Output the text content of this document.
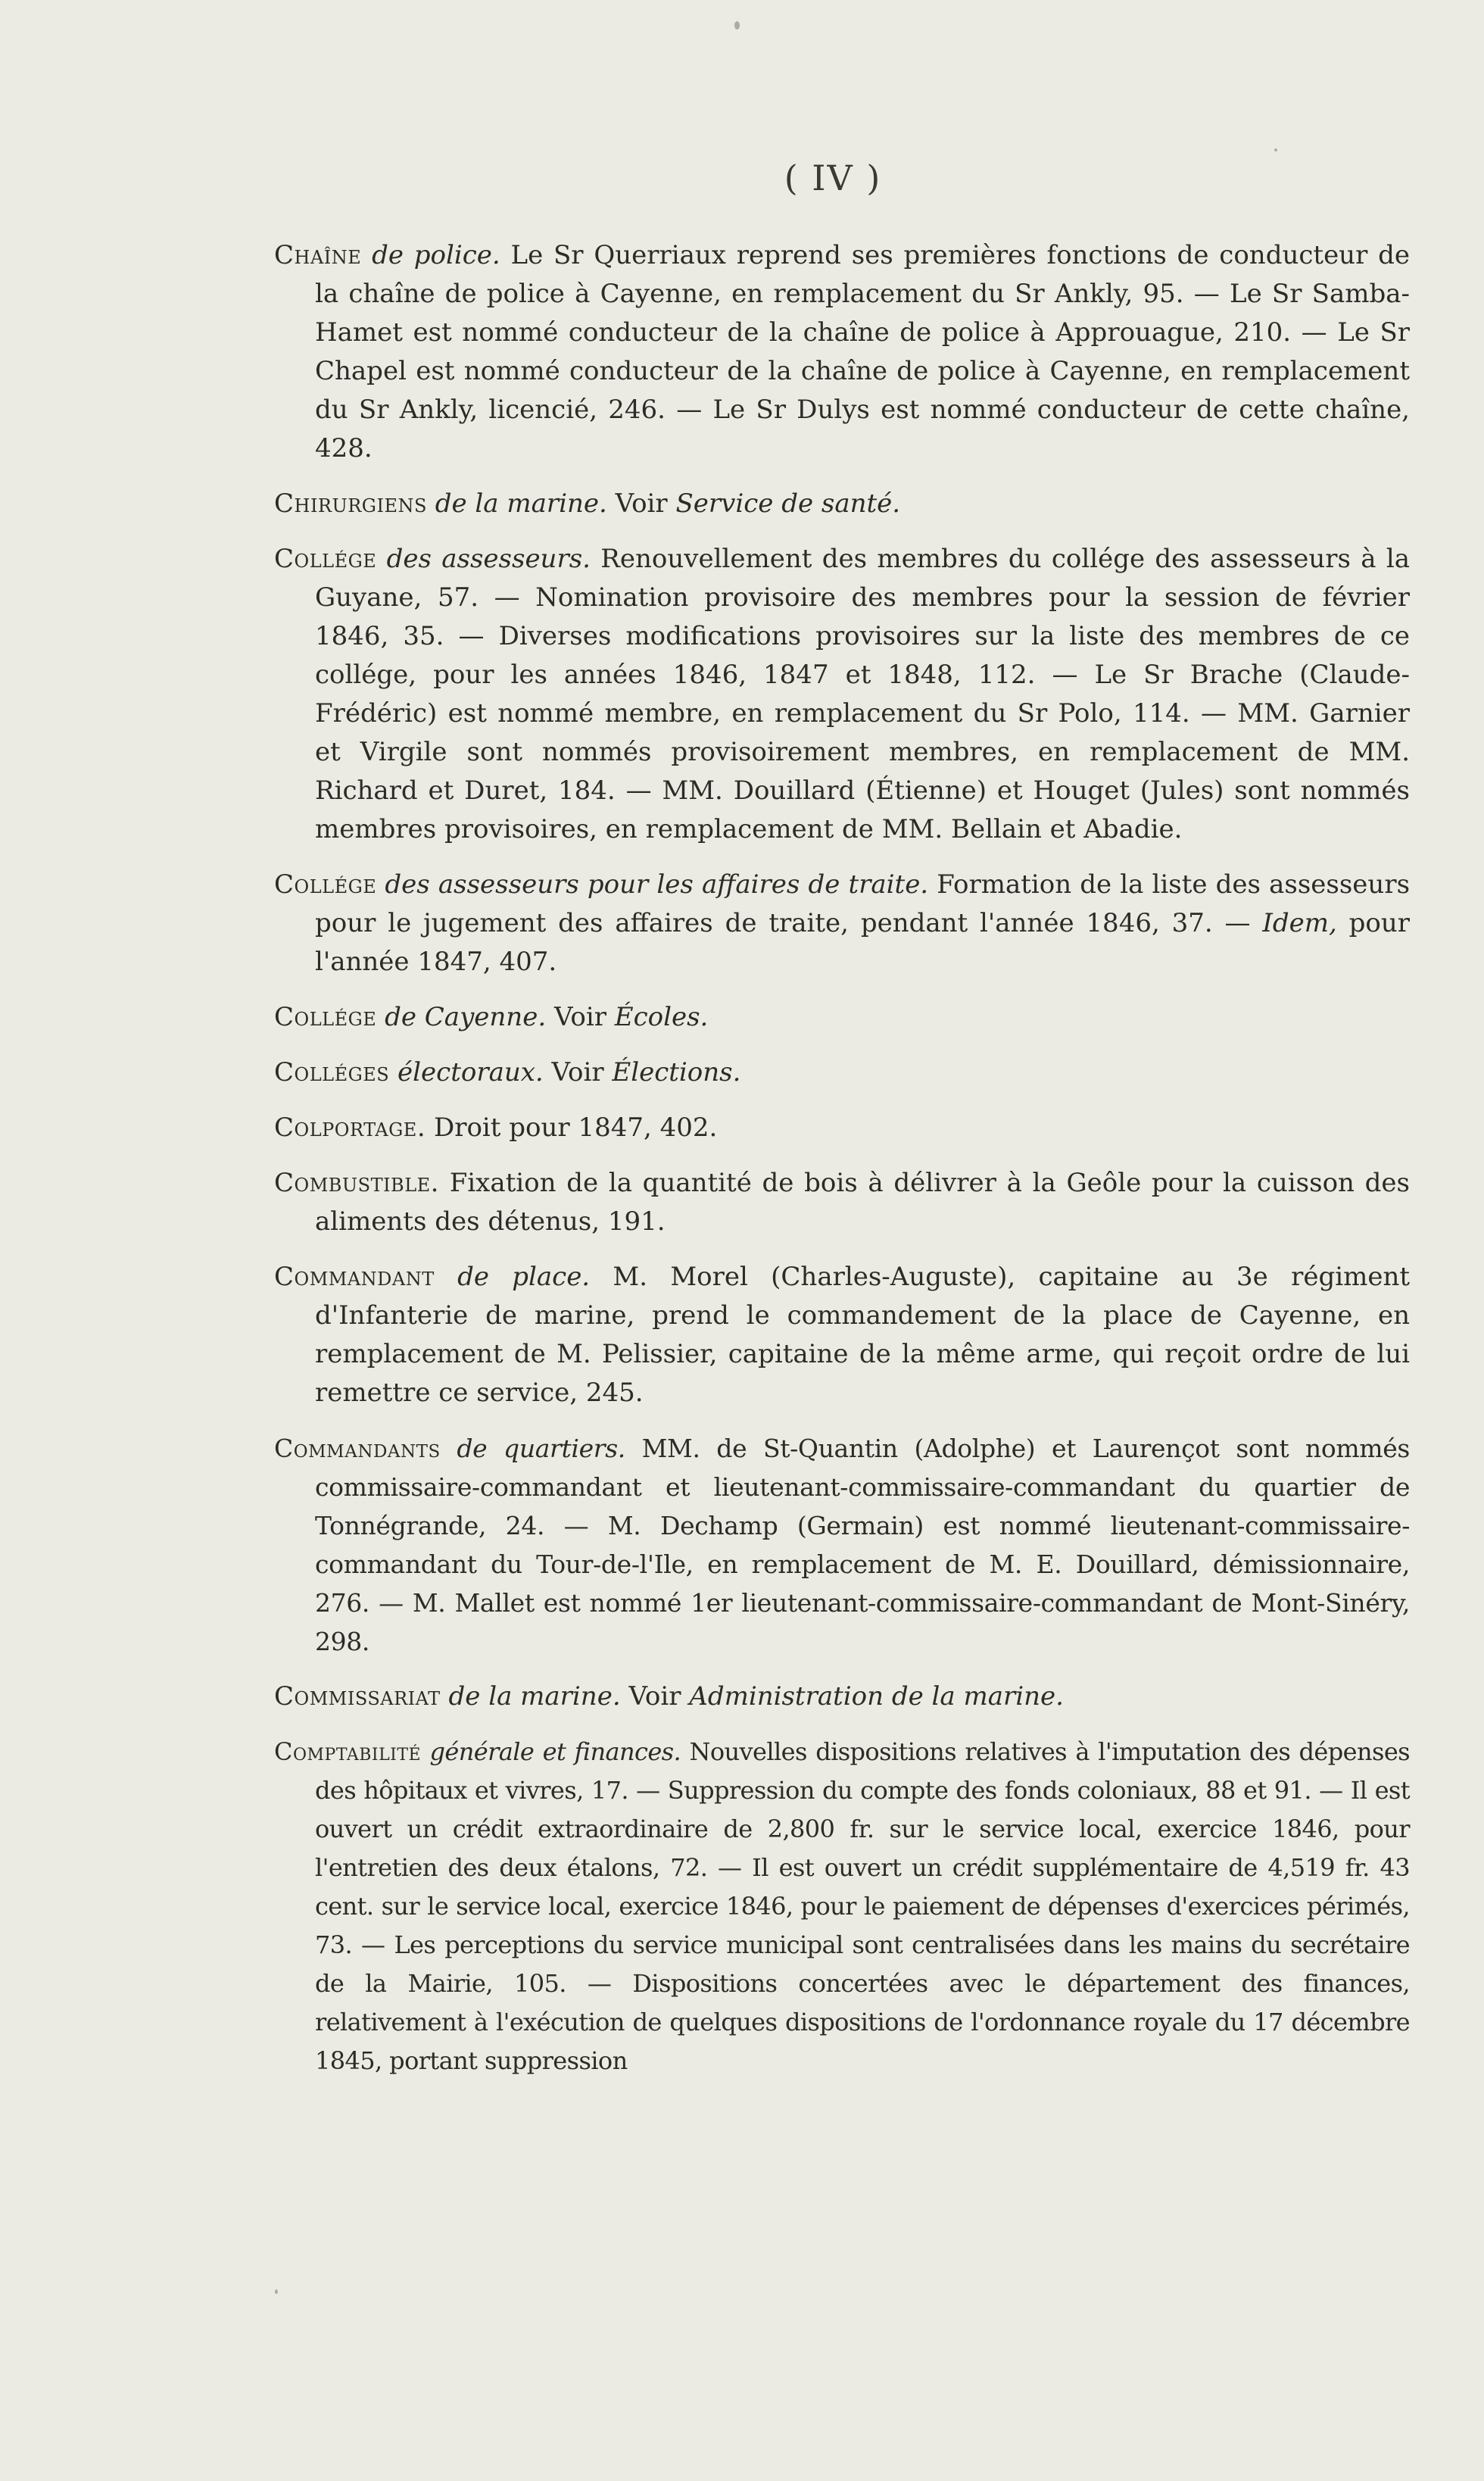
( IV )

Chaîne de police. Le Sr Querriaux reprend ses premières fonctions de conducteur de la chaîne de police à Cayenne, en remplacement du Sr Ankly, 95. — Le Sr Samba-Hamet est nommé conducteur de la chaîne de police à Approuague, 210. — Le Sr Chapel est nommé conducteur de la chaîne de police à Cayenne, en remplacement du Sr Ankly, licencié, 246. — Le Sr Dulys est nommé conducteur de cette chaîne, 428.

Chirurgiens de la marine. Voir Service de santé.

Collége des assesseurs. Renouvellement des membres du collége des assesseurs à la Guyane, 57. — Nomination provisoire des membres pour la session de février 1846, 35. — Diverses modifications provisoires sur la liste des membres de ce collége, pour les années 1846, 1847 et 1848, 112. — Le Sr Brache (Claude-Frédéric) est nommé membre, en remplacement du Sr Polo, 114. — MM. Garnier et Virgile sont nommés provisoirement membres, en remplacement de MM. Richard et Duret, 184. — MM. Douillard (Étienne) et Houget (Jules) sont nommés membres provisoires, en remplacement de MM. Bellain et Abadie.

Collége des assesseurs pour les affaires de traite. Formation de la liste des assesseurs pour le jugement des affaires de traite, pendant l'année 1846, 37. — Idem, pour l'année 1847, 407.

Collége de Cayenne. Voir Écoles.

Colléges électoraux. Voir Élections.

Colportage. Droit pour 1847, 402.

Combustible. Fixation de la quantité de bois à délivrer à la Geôle pour la cuisson des aliments des détenus, 191.

Commandant de place. M. Morel (Charles-Auguste), capitaine au 3e régiment d'Infanterie de marine, prend le commandement de la place de Cayenne, en remplacement de M. Pelissier, capitaine de la même arme, qui reçoit ordre de lui remettre ce service, 245.

Commandants de quartiers. MM. de St-Quantin (Adolphe) et Laurençot sont nommés commissaire-commandant et lieutenant-commissaire-commandant du quartier de Tonnégrande, 24. — M. Dechamp (Germain) est nommé lieutenant-commissaire-commandant du Tour-de-l'Ile, en remplacement de M. E. Douillard, démissionnaire, 276. — M. Mallet est nommé 1er lieutenant-commissaire-commandant de Mont-Sinéry, 298.

Commissariat de la marine. Voir Administration de la marine.

Comptabilité générale et finances. Nouvelles dispositions relatives à l'imputation des dépenses des hôpitaux et vivres, 17. — Suppression du compte des fonds coloniaux, 88 et 91. — Il est ouvert un crédit extraordinaire de 2,800 fr. sur le service local, exercice 1846, pour l'entretien des deux étalons, 72. — Il est ouvert un crédit supplémentaire de 4,519 fr. 43 cent. sur le service local, exercice 1846, pour le paiement de dépenses d'exercices périmés, 73. — Les perceptions du service municipal sont centralisées dans les mains du secrétaire de la Mairie, 105. — Dispositions concertées avec le département des finances, relativement à l'exécution de quelques dispositions de l'ordonnance royale du 17 décembre 1845, portant suppression
